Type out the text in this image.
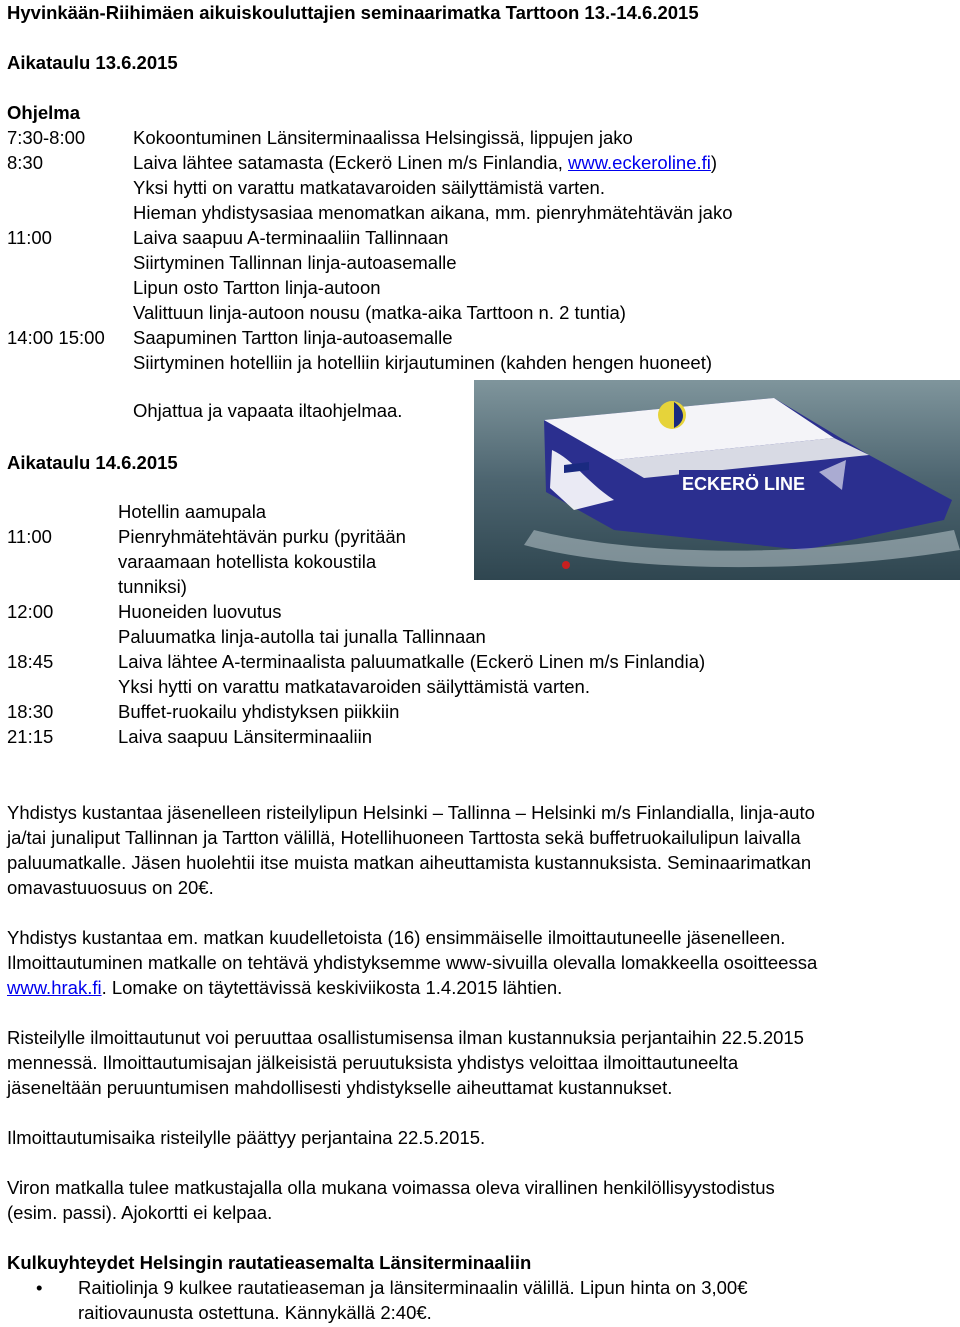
Hyvinkään-Riihimäen aikuiskouluttajien seminaarimatka Tarttoon 13.-14.6.2015
Aikataulu 13.6.2015
Ohjelma
7:30-8:00	Kokoontuminen Länsiterminaalissa Helsingissä, lippujen jako
8:30	Laiva lähtee satamasta (Eckerö Linen m/s Finlandia, www.eckeroline.fi)
Yksi hytti on varattu matkatavaroiden säilyttämistä varten.
Hieman yhdistysasiaa menomatkan aikana, mm. pienryhmätehtävän jako
11:00	Laiva saapuu A-terminaaliin Tallinnaan
Siirtyminen Tallinnan linja-autoasemalle
Lipun osto Tartton linja-autoon
Valittuun linja-autoon nousu (matka-aika Tarttoon n. 2 tuntia)
14:00 15:00 Saapuminen Tartton linja-autoasemalle
Siirtyminen hotelliin ja hotelliin kirjautuminen (kahden hengen huoneet)
Ohjattua ja vapaata iltaohjelmaa.
Aikataulu 14.6.2015
Hotellin aamupala
11:00	Pienryhmätehtävän purku (pyritään
varaamaan hotellista kokoustila
tunniksi)
12:00	Huoneiden luovutus
Paluumatka linja-autolla tai junalla Tallinnaan
18:45	Laiva lähtee A-terminaalista paluumatkalle (Eckerö Linen m/s Finlandia)
Yksi hytti on varattu matkatavaroiden säilyttämistä varten.
18:30	Buffet-ruokailu yhdistyksen piikkiin
21:15	Laiva saapuu Länsiterminaaliin
Yhdistys kustantaa jäsenelleen risteilylipun Helsinki – Tallinna – Helsinki m/s Finlandialla, linja-auto
ja/tai junaliput Tallinnan ja Tartton välillä, Hotellihuoneen Tarttosta sekä buffetruokailulipun laivalla
paluumatkalle. Jäsen huolehtii itse muista matkan aiheuttamista kustannuksista. Seminaarimatkan
omavastuuosuus on 20€.
Yhdistys kustantaa em. matkan kuudelletoista (16) ensimmäiselle ilmoittautuneelle jäsenelleen.
Ilmoittautuminen matkalle on tehtävä yhdistyksemme www-sivuilla olevalla lomakkeella osoitteessa
www.hrak.fi. Lomake on täytettävissä keskiviikosta 1.4.2015 lähtien.
Risteilylle ilmoittautunut voi peruuttaa osallistumisensa ilman kustannuksia perjantaihin 22.5.2015
mennessä. Ilmoittautumisajan jälkeisistä peruutuksista yhdistys veloittaa ilmoittautuneelta
jäseneltään peruuntumisen mahdollisesti yhdistykselle aiheuttamat kustannukset.
Ilmoittautumisaika risteilylle päättyy perjantaina 22.5.2015.
Viron matkalla tulee matkustajalla olla mukana voimassa oleva virallinen henkilöllisyystodistus
(esim. passi). Ajokortti ei kelpaa.
Kulkuyhteydet Helsingin rautatieasemalta Länsiterminaaliin
• Raitiolinja 9 kulkee rautatieaseman ja länsiterminaalin välillä. Lipun hinta on 3,00€
raitiovaunusta ostettuna. Kännykällä 2:40€.
ECKERÖ LINE
